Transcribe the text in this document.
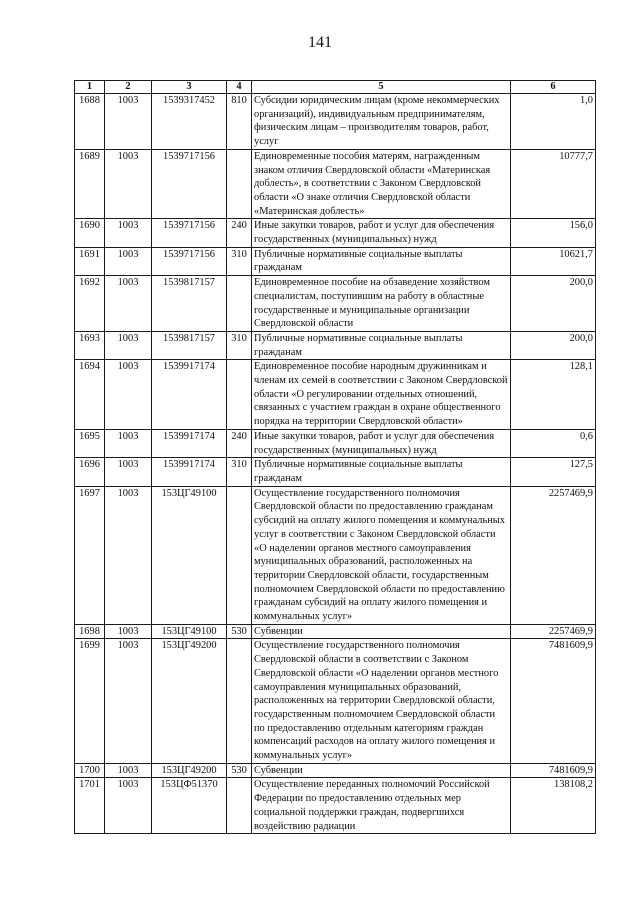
141
1	2	3	4	5	6
1688	1003	1539317452	810	Субсидии юридическим лицам (кроме некоммерческих организаций), индивидуальным предпринимателям, физическим лицам – производителям товаров, работ, услуг	1,0
1689	1003	1539717156		Единовременные пособия матерям, награжденным знаком отличия Свердловской области «Материнская доблесть», в соответствии с Законом Свердловской области «О знаке отличия Свердловской области «Материнская доблесть»	10777,7
1690	1003	1539717156	240	Иные закупки товаров, работ и услуг для обеспечения государственных (муниципальных) нужд	156,0
1691	1003	1539717156	310	Публичные нормативные социальные выплаты гражданам	10621,7
1692	1003	1539817157		Единовременное пособие на обзаведение хозяйством специалистам, поступившим на работу в областные государственные и муниципальные организации Свердловской области	200,0
1693	1003	1539817157	310	Публичные нормативные социальные выплаты гражданам	200,0
1694	1003	1539917174		Единовременное пособие народным дружинникам и членам их семей в соответствии с Законом Свердловской области «О регулировании отдельных отношений, связанных с участием граждан в охране общественного порядка на территории Свердловской области»	128,1
1695	1003	1539917174	240	Иные закупки товаров, работ и услуг для обеспечения государственных (муниципальных) нужд	0,6
1696	1003	1539917174	310	Публичные нормативные социальные выплаты гражданам	127,5
1697	1003	153ЦГ49100		Осуществление государственного полномочия Свердловской области по предоставлению гражданам субсидий на оплату жилого помещения и коммунальных услуг в соответствии с Законом Свердловской области «О наделении органов местного самоуправления муниципальных образований, расположенных на территории Свердловской области, государственным полномочием Свердловской области по предоставлению гражданам субсидий на оплату жилого помещения и коммунальных услуг»	2257469,9
1698	1003	153ЦГ49100	530	Субвенции	2257469,9
1699	1003	153ЦГ49200		Осуществление государственного полномочия Свердловской области в соответствии с Законом Свердловской области «О наделении органов местного самоуправления муниципальных образований, расположенных на территории Свердловской области, государственным полномочием Свердловской области по предоставлению отдельным категориям граждан компенсаций расходов на оплату жилого помещения и коммунальных услуг»	7481609,9
1700	1003	153ЦГ49200	530	Субвенции	7481609,9
1701	1003	153ЦФ51370		Осуществление переданных полномочий Российской Федерации по предоставлению отдельных мер социальной поддержки граждан, подвергшихся воздействию радиации	138108,2
